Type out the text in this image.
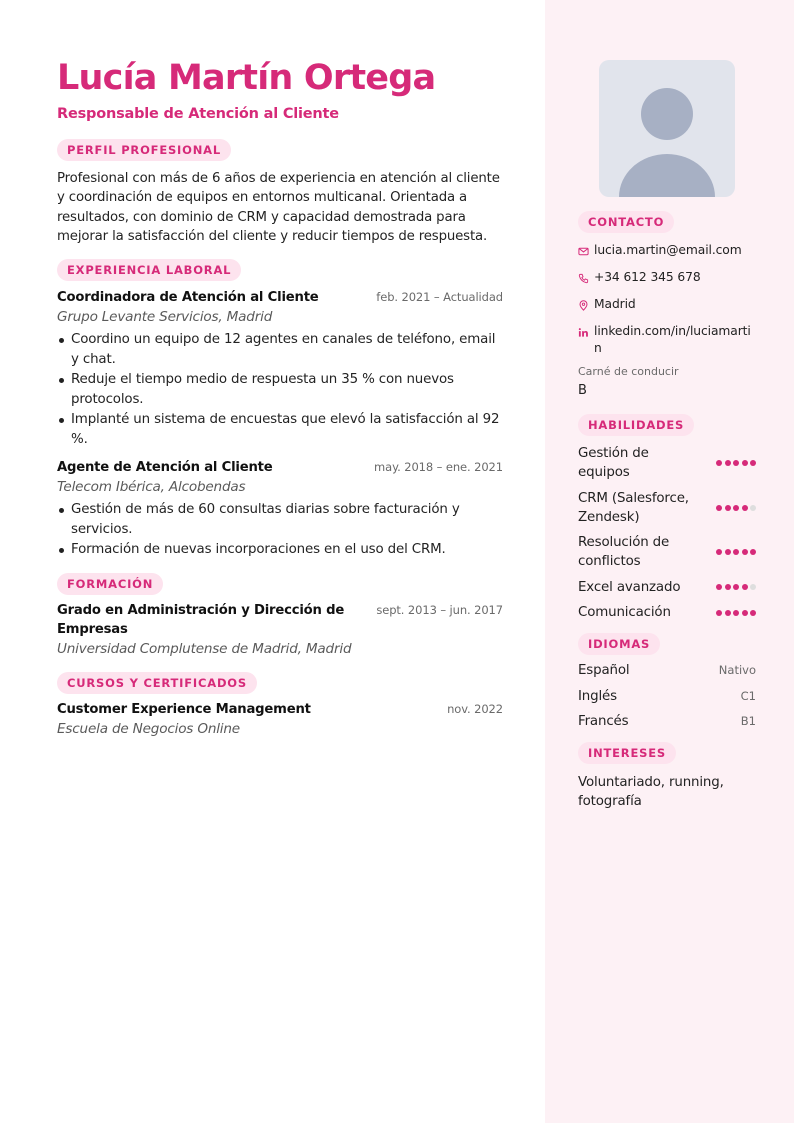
Lucía Martín Ortega
Responsable de Atención al Cliente
PERFIL PROFESIONAL

Profesional con más de 6 años de experiencia en atención al cliente y coordinación de equipos en entornos multicanal. Orientada a resultados, con dominio de CRM y capacidad demostrada para mejorar la satisfacción del cliente y reducir tiempos de respuesta.

EXPERIENCIA LABORAL
Coordinadora de Atención al Cliente	feb. 2021 – Actualidad
Grupo Levante Servicios, Madrid
Coordino un equipo de 12 agentes en canales de teléfono, email y chat.
Reduje el tiempo medio de respuesta un 35 % con nuevos protocolos.
Implanté un sistema de encuestas que elevó la satisfacción al 92 %.
Agente de Atención al Cliente	may. 2018 – ene. 2021
Telecom Ibérica, Alcobendas
Gestión de más de 60 consultas diarias sobre facturación y servicios.
Formación de nuevas incorporaciones en el uso del CRM.
FORMACIÓN
Grado en Administración y Dirección de Empresas
sept. 2013 – jun. 2017
Universidad Complutense de Madrid, Madrid
CURSOS Y CERTIFICADOS
Customer Experience Management	nov. 2022
Escuela de Negocios Online
CONTACTO
lucia.martin@email.com
+34 612 345 678
Madrid
linkedin.com/in/luciamartin
Carné de conducir
B
HABILIDADES
Gestión de equipos
CRM (Salesforce, Zendesk)
Resolución de conflictos
Excel avanzado
Comunicación
IDIOMAS
Español	Nativo
Inglés	C1
Francés	B1
INTERESES
Voluntariado, running, fotografía
